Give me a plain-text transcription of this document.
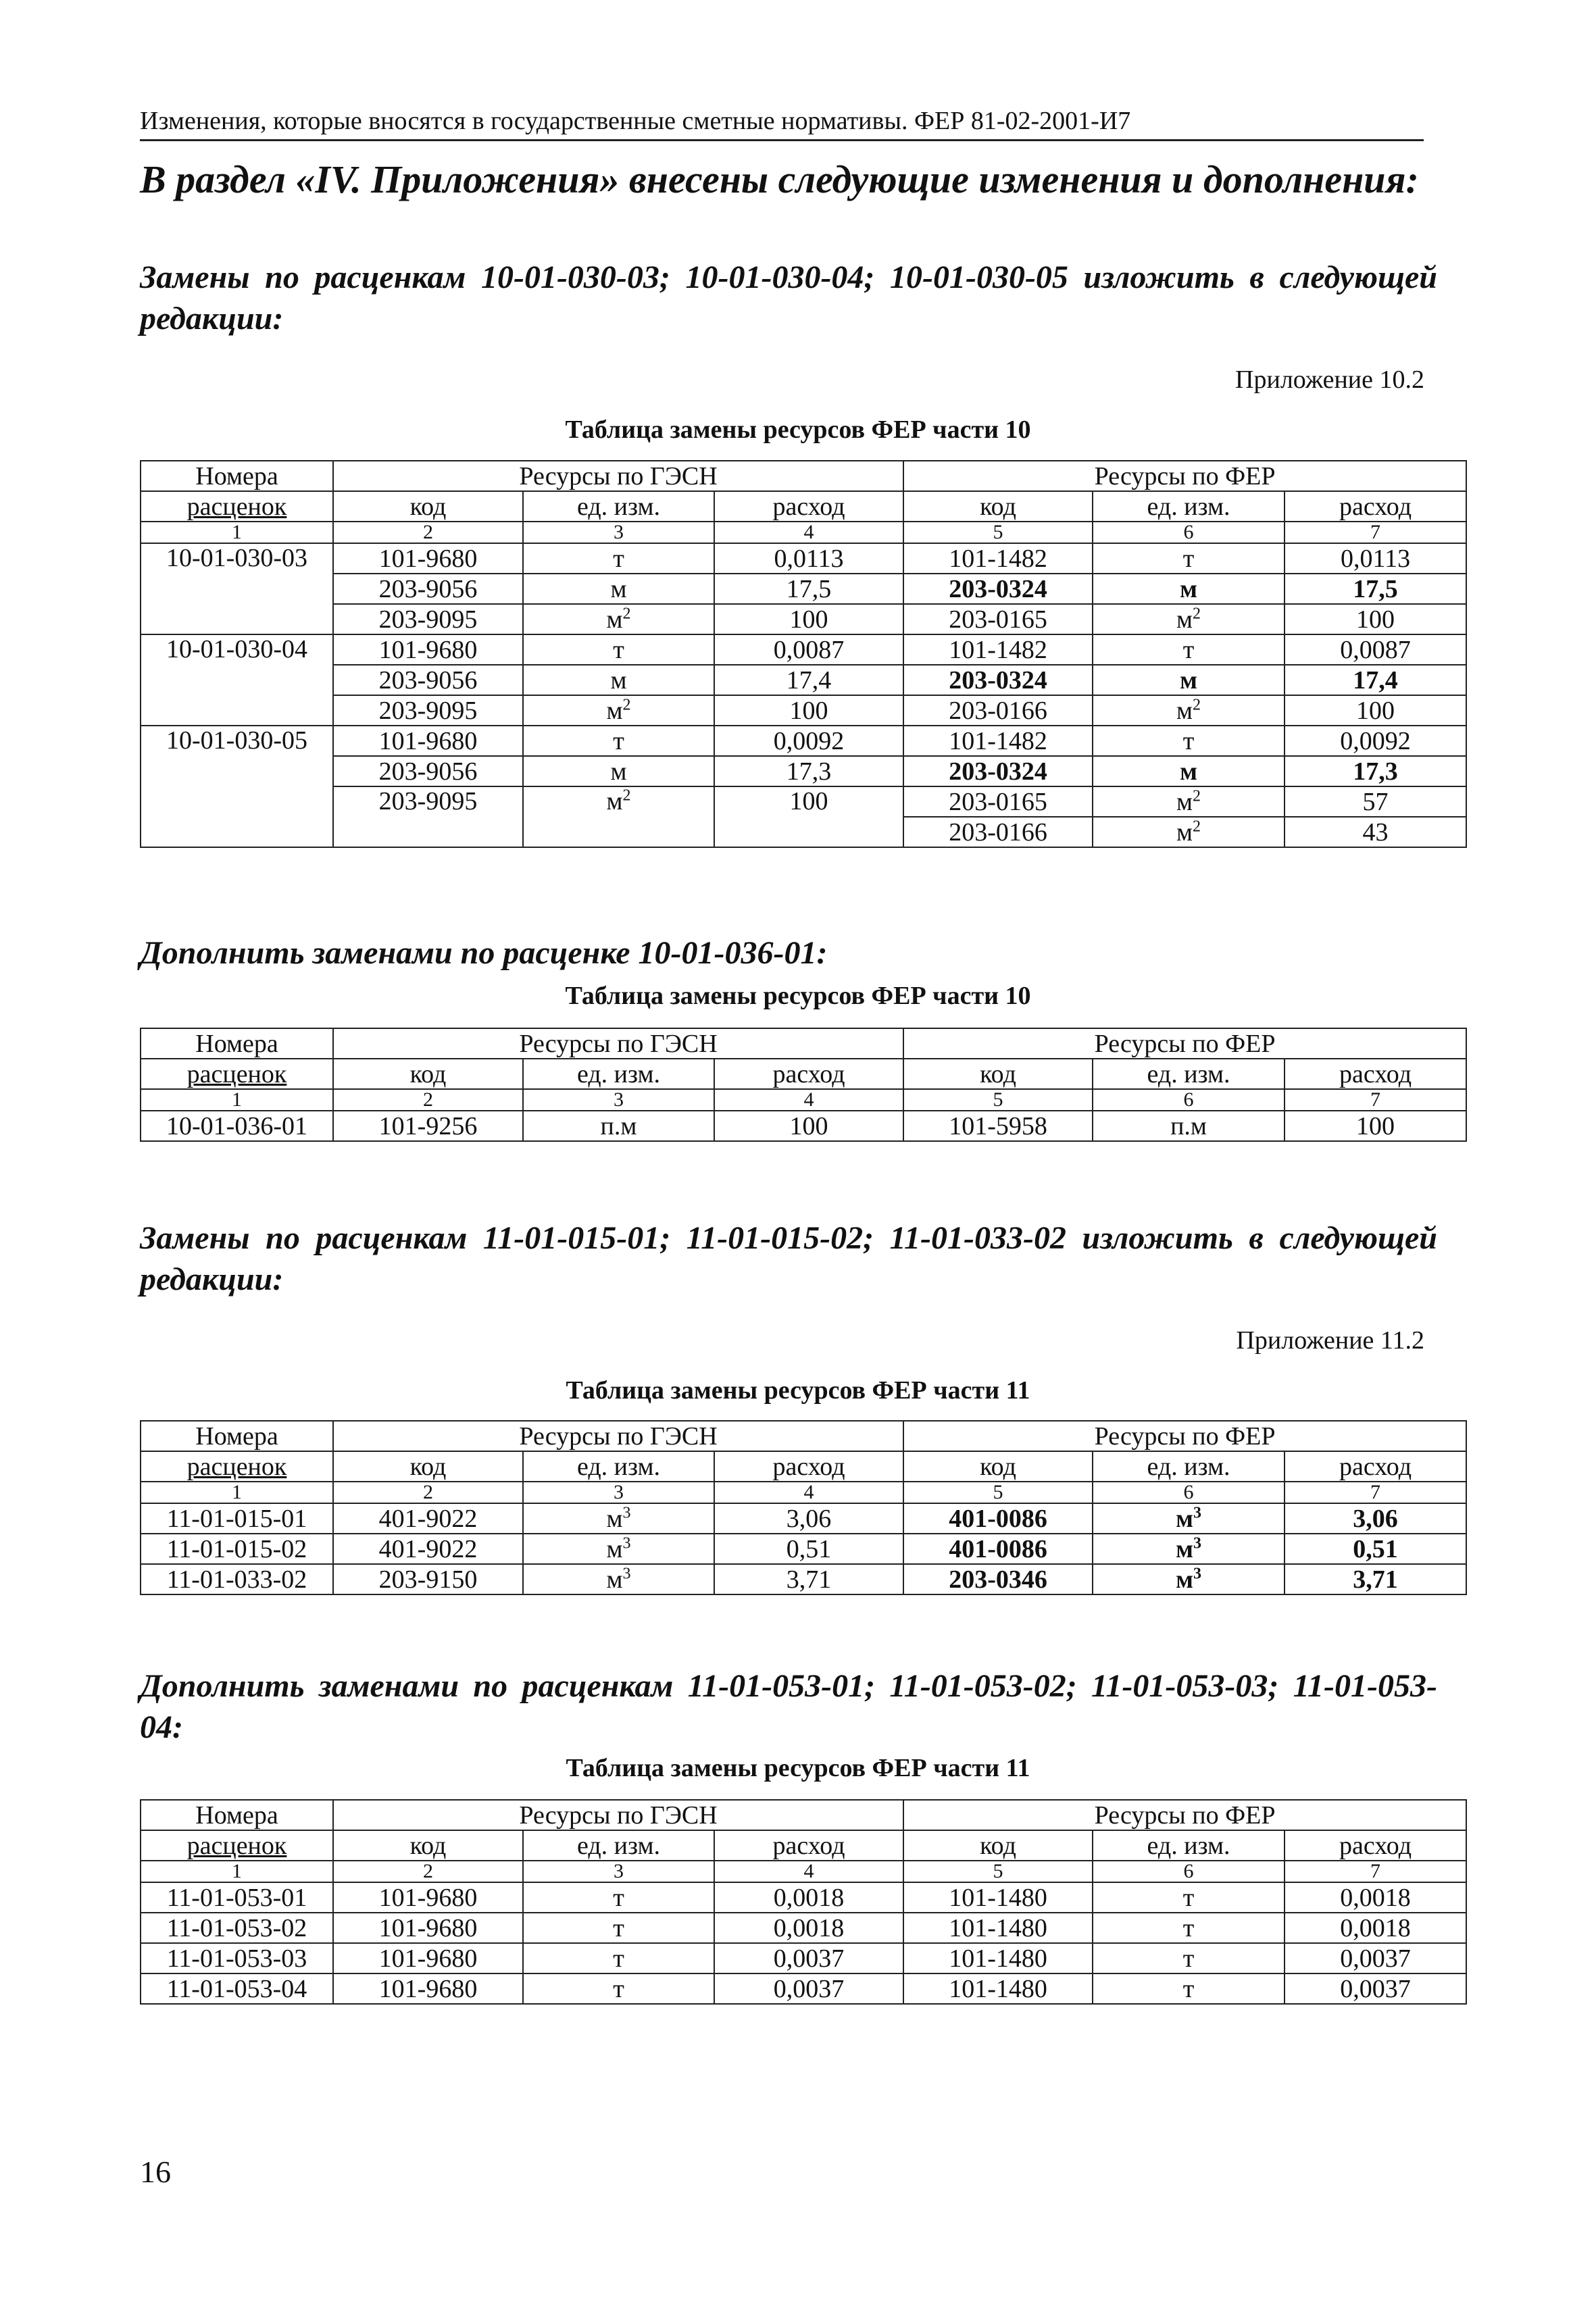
Изменения, которые вносятся в государственные сметные нормативы. ФЕР 81-02-2001-И7
В раздел «IV. Приложения» внесены следующие изменения и дополнения:
Замены по расценкам 10-01-030-03; 10-01-030-04; 10-01-030-05 изложить в следующей
редакции:
Приложение 10.2
Таблица замены ресурсов ФЕР части 10
Номера	Ресурсы по ГЭСН			Ресурсы по ФЕР		
расценок	код	ед. изм.	расход	код	ед. изм.	расход
1	2	3	4	5	6	7
10-01-030-03	101-9680	т	0,0113	101-1482	т	0,0113
	203-9056	м	17,5	203-0324	м	17,5
	203-9095	$м^2$	100	203-0165	$м^2$	100
10-01-030-04	101-9680	т	0,0087	101-1482	т	0,0087
	203-9056	м	17,4	203-0324	м	17,4
	203-9095	$м^2$	100	203-0166	$м^2$	100
10-01-030-05	101-9680	т	0,0092	101-1482	т	0,0092
	203-9056	м	17,3	203-0324	м	17,3
	203-9095	$м^2$	100	203-0165	$м^2$	57
				203-0166	$м^2$	43
Дополнить заменами по расценке 10-01-036-01:
Таблица замены ресурсов ФЕР части 10
Номера	Ресурсы по ГЭСН			Ресурсы по ФЕР		
расценок	код	ед. изм.	расход	код	ед. изм.	расход
1	2	3	4	5	6	7
10-01-036-01	101-9256	п.м	100	101-5958	п.м	100
Замены по расценкам 11-01-015-01; 11-01-015-02; 11-01-033-02 изложить в следующей
редакции:
Приложение 11.2
Таблица замены ресурсов ФЕР части 11
Номера	Ресурсы по ГЭСН			Ресурсы по ФЕР		
расценок	код	ед. изм.	расход	код	ед. изм.	расход
1	2	3	4	5	6	7
11-01-015-01	401-9022	$м^3$	3,06	401-0086	$м^3$	3,06
11-01-015-02	401-9022	$м^3$	0,51	401-0086	$м^3$	0,51
11-01-033-02	203-9150	$м^3$	3,71	203-0346	$м^3$	3,71
Дополнить заменами по расценкам 11-01-053-01; 11-01-053-02; 11-01-053-03; 11-01-053-
04:
Таблица замены ресурсов ФЕР части 11
Номера	Ресурсы по ГЭСН			Ресурсы по ФЕР		
расценок	код	ед. изм.	расход	код	ед. изм.	расход
1	2	3	4	5	6	7
11-01-053-01	101-9680	т	0,0018	101-1480	т	0,0018
11-01-053-02	101-9680	т	0,0018	101-1480	т	0,0018
11-01-053-03	101-9680	т	0,0037	101-1480	т	0,0037
11-01-053-04	101-9680	т	0,0037	101-1480	т	0,0037
16
